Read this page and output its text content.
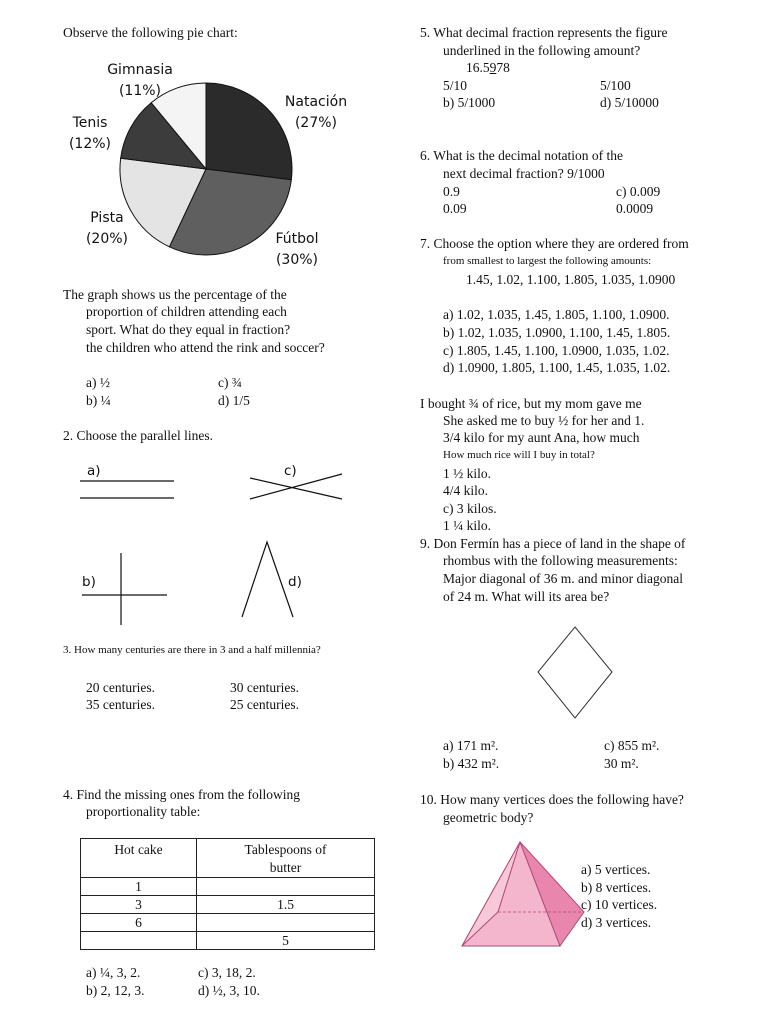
Observe the following pie chart:
Natación
(27%)
Fútbol
(30%)
Pista
(20%)
Tenis
(12%)
Gimnasia
(11%)
The graph shows us the percentage of the
proportion of children attending each
sport. What do they equal in fraction?
the children who attend the rink and soccer?
a) ½	c) ¾
b) ¼	d) 1/5
2. Choose the parallel lines.
a)	c)
b)	d)
3. How many centuries are there in 3 and a half millennia?
20 centuries.	30 centuries.
35 centuries.	25 centuries.
4. Find the missing ones from the following
proportionality table:
Hot cake	Tablespoons of
butter
1	
3	1.5
6	
	5
a) ¼, 3, 2.	c) 3, 18, 2.
b) 2, 12, 3.	d) ½, 3, 10.
5. What decimal fraction represents the figure
underlined in the following amount?
16.5978
5/10	5/100
b) 5/1000	d) 5/10000
6. What is the decimal notation of the
next decimal fraction? 9/1000
0.9	c) 0.009
0.09	0.0009
7. Choose the option where they are ordered from
from smallest to largest the following amounts:
1.45, 1.02, 1.100, 1.805, 1.035, 1.0900
a) 1.02, 1.035, 1.45, 1.805, 1.100, 1.0900.
b) 1.02, 1.035, 1.0900, 1.100, 1.45, 1.805.
c) 1.805, 1.45, 1.100, 1.0900, 1.035, 1.02.
d) 1.0900, 1.805, 1.100, 1.45, 1.035, 1.02.
I bought ¾ of rice, but my mom gave me
She asked me to buy ½ for her and 1.
3/4 kilo for my aunt Ana, how much
How much rice will I buy in total?
1 ½ kilo.
4/4 kilo.
c) 3 kilos.
1 ¼ kilo.
9. Don Fermín has a piece of land in the shape of
rhombus with the following measurements:
Major diagonal of 36 m. and minor diagonal
of 24 m. What will its area be?
a) 171 m².	c) 855 m².
b) 432 m².	30 m².
10. How many vertices does the following have?
geometric body?
a) 5 vertices.
b) 8 vertices.
c) 10 vertices.
d) 3 vertices.
